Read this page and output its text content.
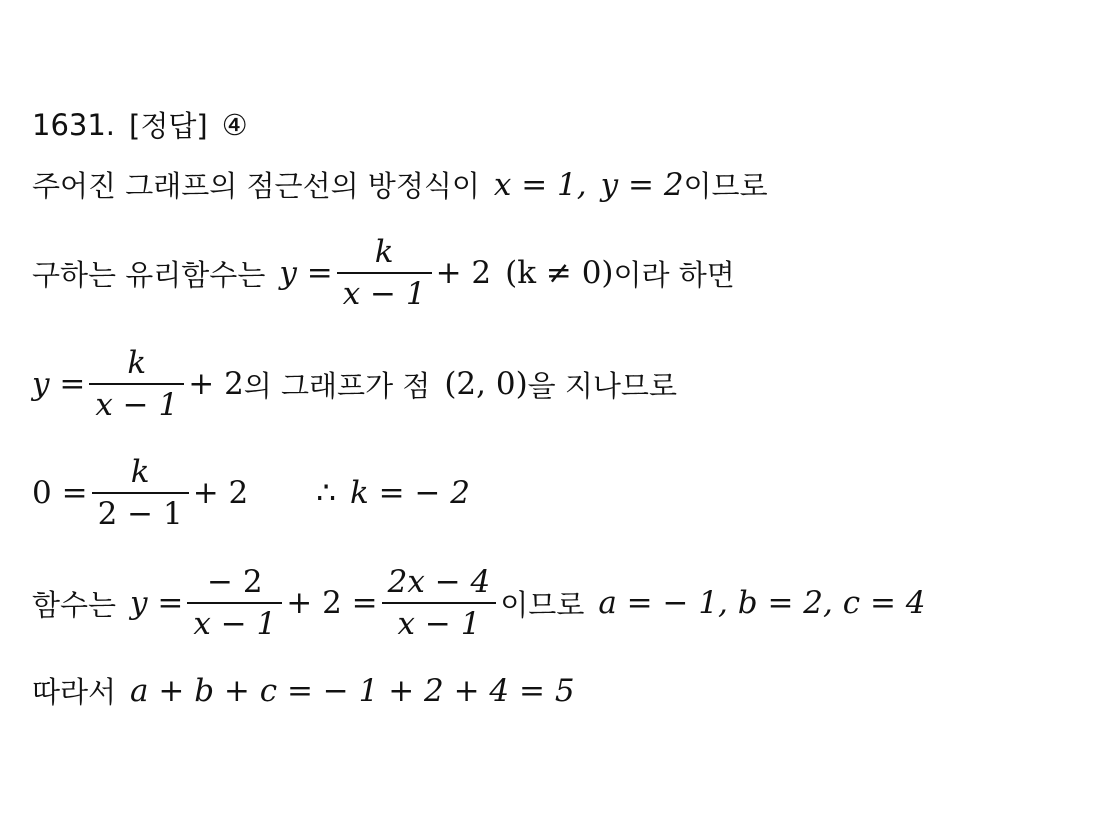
1631. [정답] ④
주어진 그래프의 점근선의 방정식이 x = 1, y = 2 이므로
구하는 유리함수는 $y = \frac{k}{x - 1} + 2$ (k ≠ 0) 이라 하면
$y = \frac{k}{x - 1} + 2$ 의 그래프가 점 (2, 0) 을 지나므로
$0 = \frac{k}{2 - 1} + 2$ ∴ k = − 2
함수는 $y = \frac{- 2}{x - 1} + 2 = \frac{2x - 4}{x - 1}$ 이므로 a = − 1, b = 2, c = 4
따라서 a + b + c = − 1 + 2 + 4 = 5
